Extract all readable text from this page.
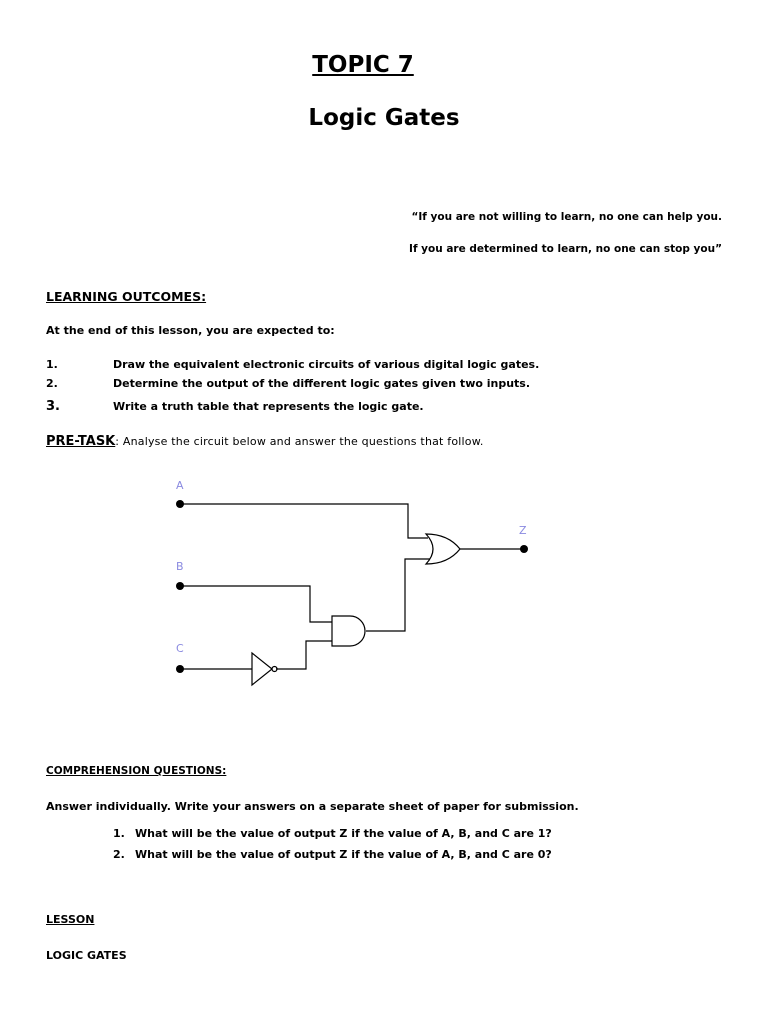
TOPIC 7
Logic Gates
“If you are not willing to learn, no one can help you.
If you are determined to learn, no one can stop you”
LEARNING OUTCOMES:
At the end of this lesson, you are expected to:
1.	Draw the equivalent electronic circuits of various digital logic gates.
2.	Determine the output of the different logic gates given two inputs.
3.	Write a truth table that represents the logic gate.
PRE-TASK: Analyse the circuit below and answer the questions that follow.
A
B
C
Z
COMPREHENSION QUESTIONS:
Answer individually. Write your answers on a separate sheet of paper for submission.
1. What will be the value of output Z if the value of A, B, and C are 1?
2. What will be the value of output Z if the value of A, B, and C are 0?
LESSON
LOGIC GATES
